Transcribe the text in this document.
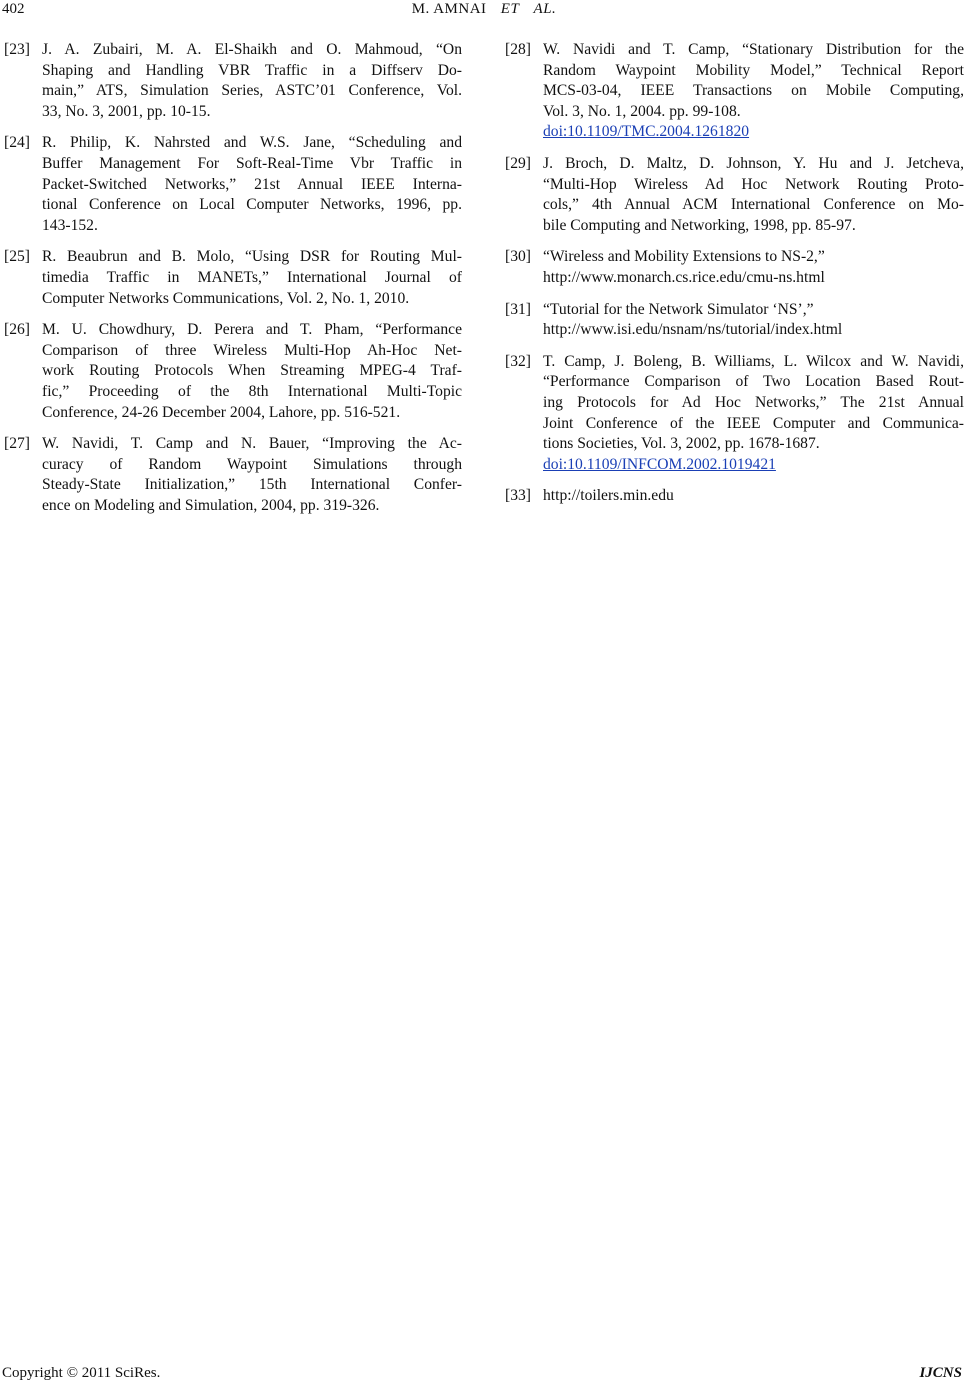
402	M. AMNAI ET AL.
[23] J. A. Zubairi, M. A. El-Shaikh and O. Mahmoud, “On
Shaping and Handling VBR Traffic in a Diffserv Do-
main,” ATS, Simulation Series, ASTC’01 Conference, Vol.
33, No. 3, 2001, pp. 10-15.
[24] R. Philip, K. Nahrsted and W.S. Jane, “Scheduling and
Buffer Management For Soft-Real-Time Vbr Traffic in
Packet-Switched Networks,” 21st Annual IEEE Interna-
tional Conference on Local Computer Networks, 1996, pp.
143-152.
[25] R. Beaubrun and B. Molo, “Using DSR for Routing Mul-
timedia Traffic in MANETs,” International Journal of
Computer Networks Communications, Vol. 2, No. 1, 2010.
[26] M. U. Chowdhury, D. Perera and T. Pham, “Performance
Comparison of three Wireless Multi-Hop Ah-Hoc Net-
work Routing Protocols When Streaming MPEG-4 Traf-
fic,” Proceeding of the 8th International Multi-Topic
Conference, 24-26 December 2004, Lahore, pp. 516-521.
[27] W. Navidi, T. Camp and N. Bauer, “Improving the Ac-
curacy of Random Waypoint Simulations through
Steady-State Initialization,” 15th International Confer-
ence on Modeling and Simulation, 2004, pp. 319-326.
[28] W. Navidi and T. Camp, “Stationary Distribution for the
Random Waypoint Mobility Model,” Technical Report
MCS-03-04, IEEE Transactions on Mobile Computing,
Vol. 3, No. 1, 2004. pp. 99-108.
doi:10.1109/TMC.2004.1261820
[29] J. Broch, D. Maltz, D. Johnson, Y. Hu and J. Jetcheva,
“Multi-Hop Wireless Ad Hoc Network Routing Proto-
cols,” 4th Annual ACM International Conference on Mo-
bile Computing and Networking, 1998, pp. 85-97.
[30] “Wireless and Mobility Extensions to NS-2,”
http://www.monarch.cs.rice.edu/cmu-ns.html
[31] “Tutorial for the Network Simulator ‘NS’,”
http://www.isi.edu/nsnam/ns/tutorial/index.html
[32] T. Camp, J. Boleng, B. Williams, L. Wilcox and W. Navidi,
“Performance Comparison of Two Location Based Rout-
ing Protocols for Ad Hoc Networks,” The 21st Annual
Joint Conference of the IEEE Computer and Communica-
tions Societies, Vol. 3, 2002, pp. 1678-1687.
doi:10.1109/INFCOM.2002.1019421
[33] http://toilers.min.edu
Copyright © 2011 SciRes.	IJCNS
